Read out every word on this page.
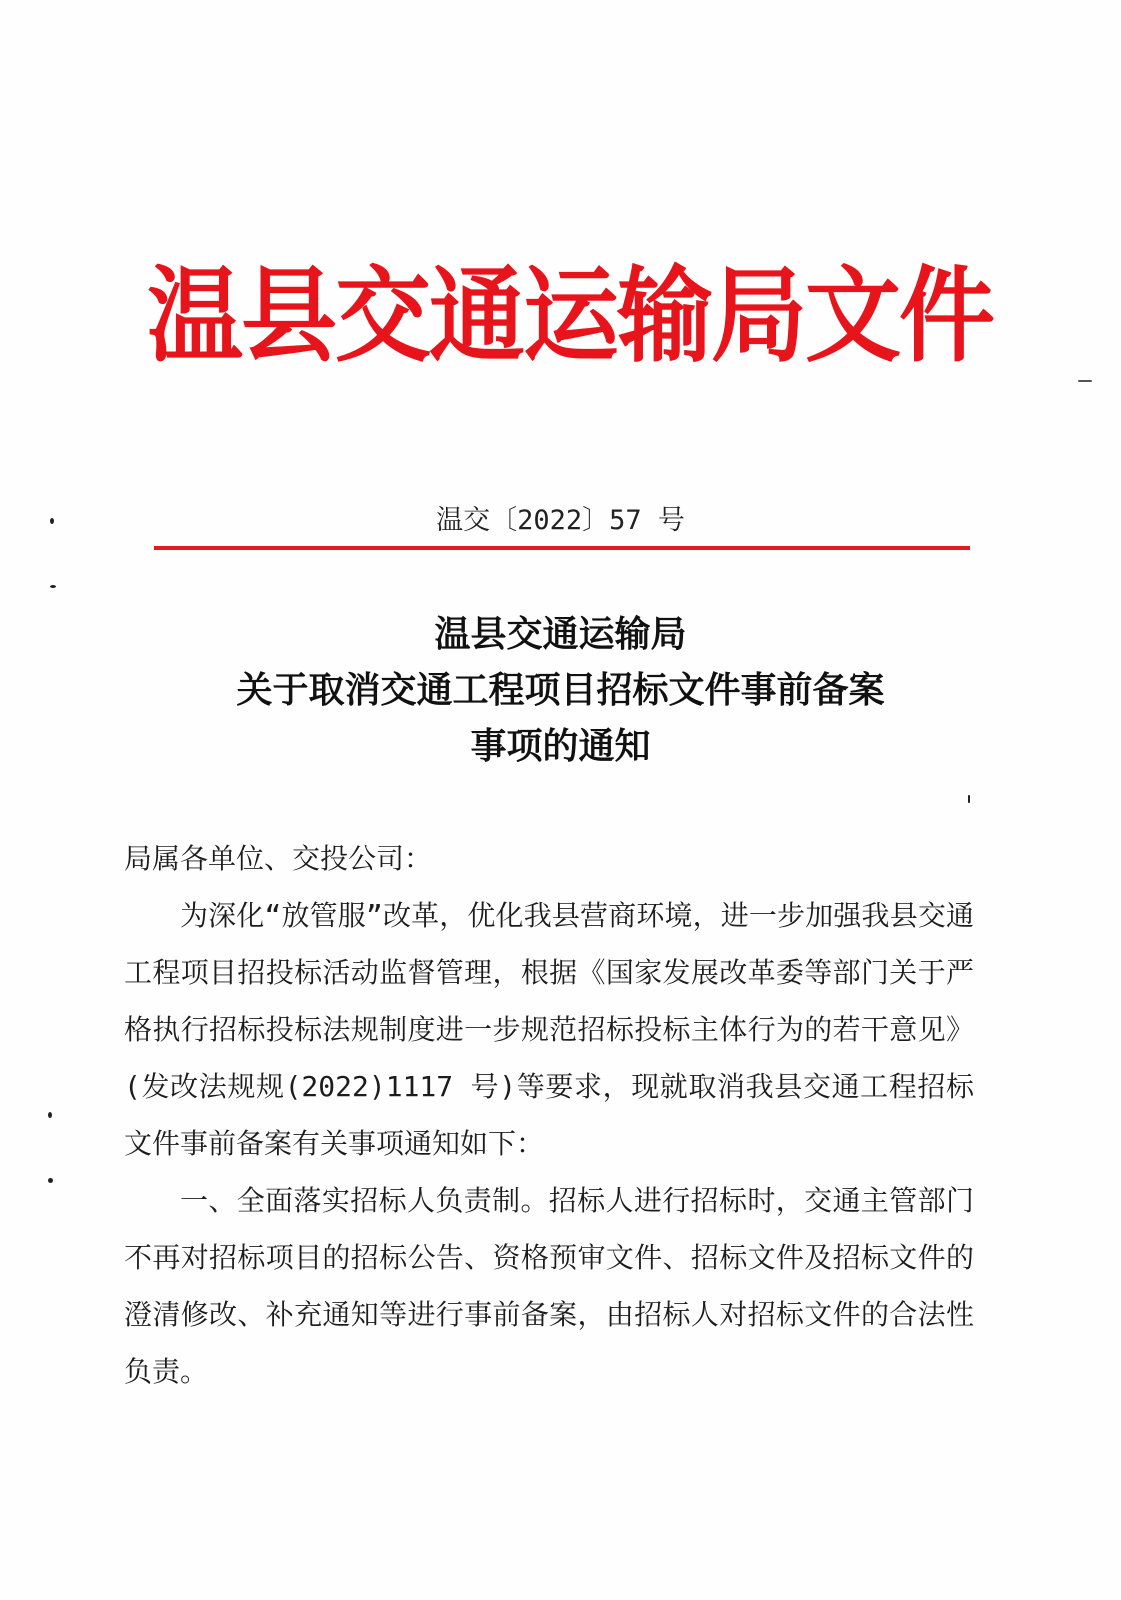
温县交通运输局文件
温交〔2022〕57 号
温县交通运输局
关于取消交通工程项目招标文件事前备案
事项的通知

局属各单位、交投公司：

为深化“放管服”改革，优化我县营商环境，进一步加强我县交通工程项目招投标活动监督管理，根据《国家发展改革委等部门关于严格执行招标投标法规制度进一步规范招标投标主体行为的若干意见》(发改法规规(2022)1117 号)等要求，现就取消我县交通工程招标文件事前备案有关事项通知如下：

一、全面落实招标人负责制。招标人进行招标时，交通主管部门不再对招标项目的招标公告、资格预审文件、招标文件及招标文件的澄清修改、补充通知等进行事前备案，由招标人对招标文件的合法性负责。
